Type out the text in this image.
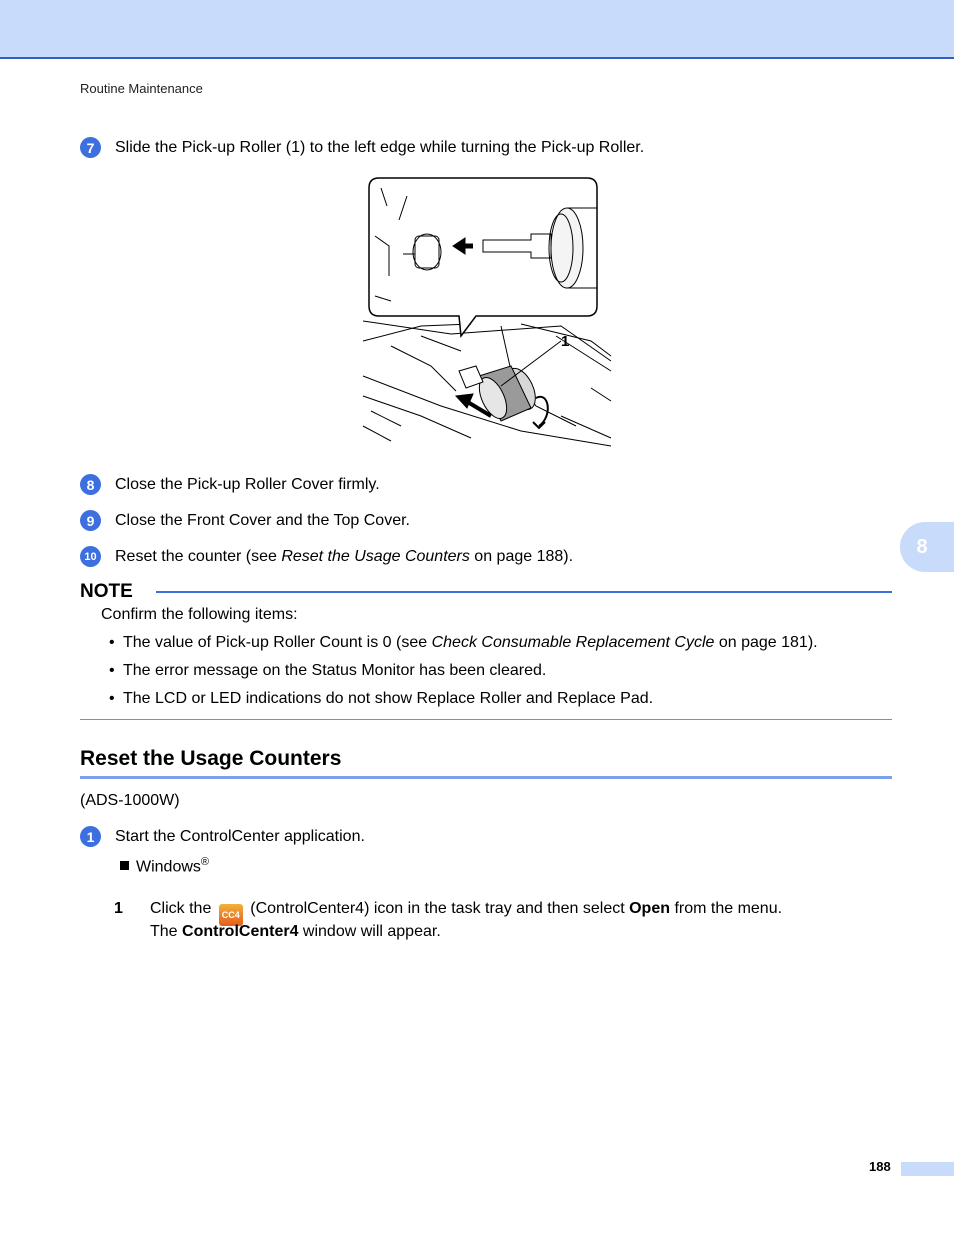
Routine Maintenance
7	Slide the Pick-up Roller (1) to the left edge while turning the Pick-up Roller.
1
8	Close the Pick-up Roller Cover firmly.
9	Close the Front Cover and the Top Cover.
10 Reset the counter (see Reset the Usage Counters on page 188).	8
NOTE
Confirm the following items:
• The value of Pick-up Roller Count is 0 (see Check Consumable Replacement Cycle on page 181).
• The error message on the Status Monitor has been cleared.
• The LCD or LED indications do not show Replace Roller and Replace Pad.
Reset the Usage Counters
(ADS-1000W)
1	Start the ControlCenter application.
Windows®
1 Click the CC4 (ControlCenter4) icon in the task tray and then select Open from the menu.
The ControlCenter4 window will appear.
188
